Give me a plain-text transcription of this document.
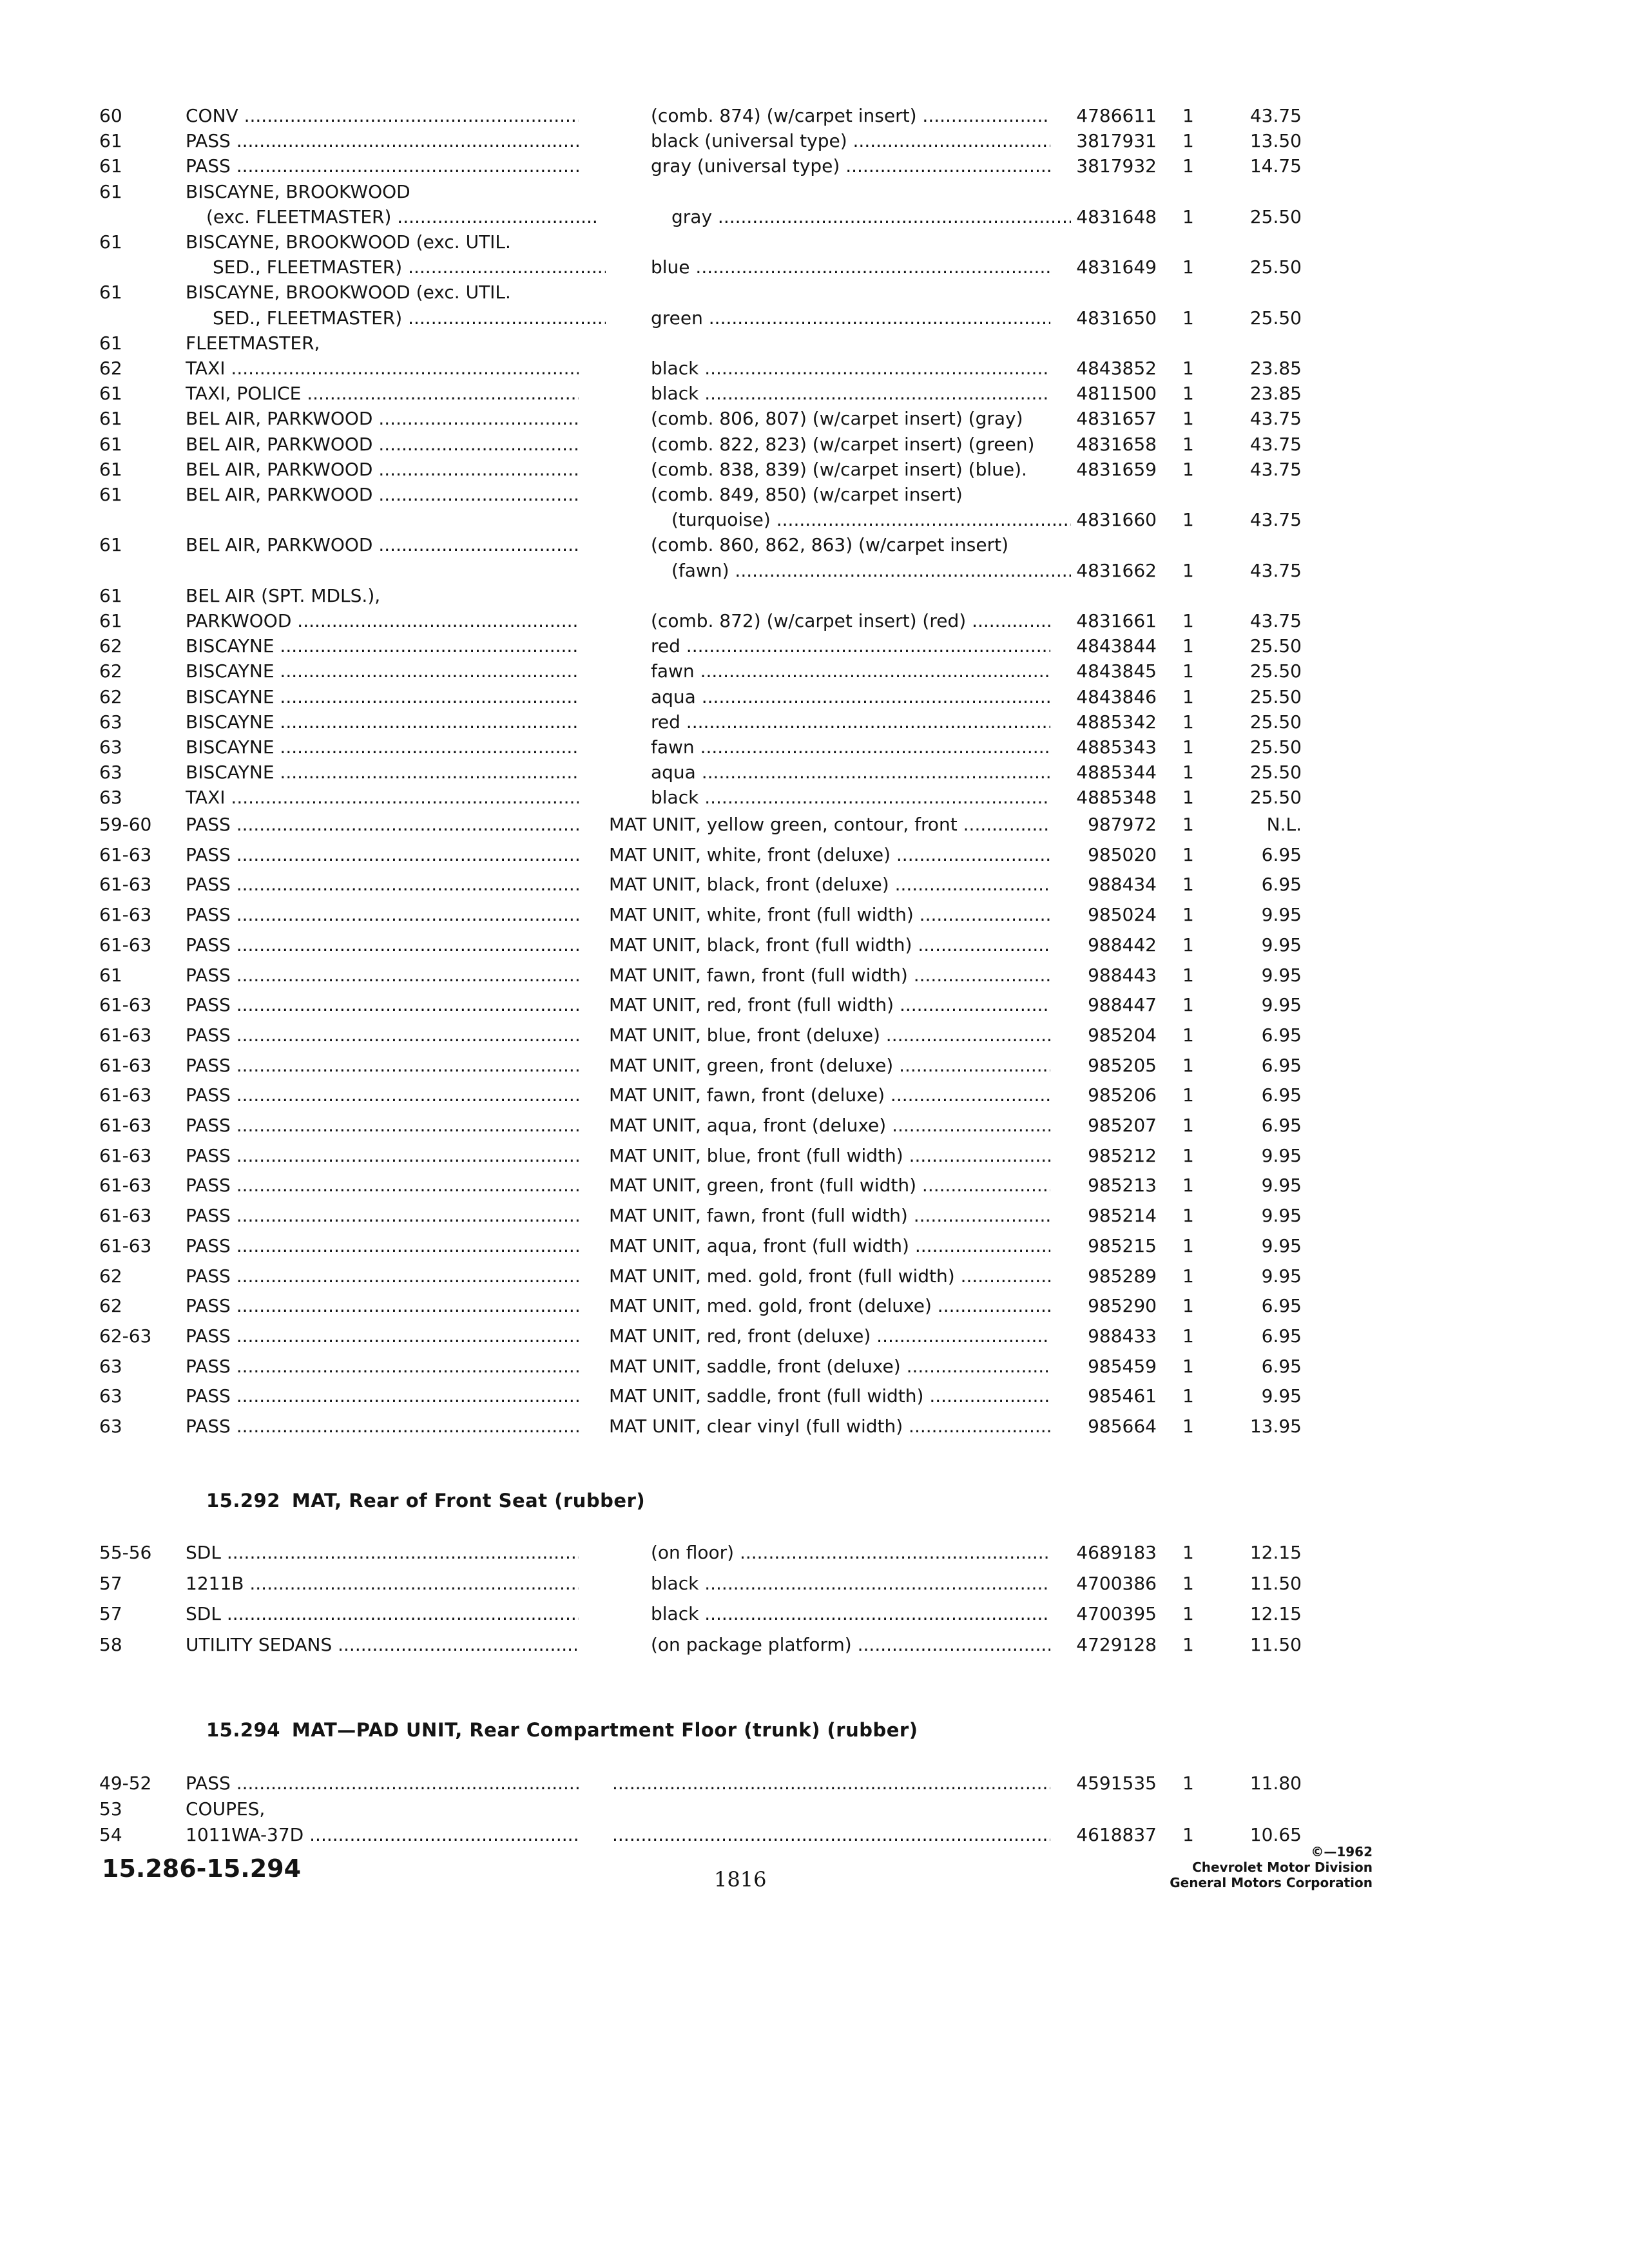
60	CONV .....	(comb. 874) (w/carpet insert) .....	4786611 1	43.75
61	PASS .....	black (universal type) .....	3817931 1	13.50
61	PASS .....	gray (universal type) .....	3817932 1	14.75
61	BISCAYNE, BROOKWOOD
(exc. FLEETMASTER) .....	gray .....	4831648 1	25.50
61	BISCAYNE, BROOKWOOD (exc. UTIL.
SED., FLEETMASTER) .....	blue .....	4831649 1	25.50
61	BISCAYNE, BROOKWOOD (exc. UTIL.
SED., FLEETMASTER) .....	green .....	4831650 1	25.50
61	FLEETMASTER,
62	TAXI .....	black .....	4843852 1	23.85
61	TAXI, POLICE .....	black .....	4811500 1	23.85
61	BEL AIR, PARKWOOD .....	(comb. 806, 807) (w/carpet insert) (gray)	4831657 1	43.75
61	BEL AIR, PARKWOOD .....	(comb. 822, 823) (w/carpet insert) (green)	4831658 1	43.75
61	BEL AIR, PARKWOOD .....	(comb. 838, 839) (w/carpet insert) (blue).	4831659 1	43.75
61	BEL AIR, PARKWOOD .....	(comb. 849, 850) (w/carpet insert)
(turquoise) .....	4831660 1	43.75
61	BEL AIR, PARKWOOD .....	(comb. 860, 862, 863) (w/carpet insert)
(fawn) .....	4831662 1	43.75
61	BEL AIR (SPT. MDLS.),
61	PARKWOOD .....	(comb. 872) (w/carpet insert) (red) .....	4831661 1	43.75
62	BISCAYNE .....	red .....	4843844 1	25.50
62	BISCAYNE .....	fawn .....	4843845 1	25.50
62	BISCAYNE .....	aqua .....	4843846 1	25.50
63	BISCAYNE .....	red .....	4885342 1	25.50
63	BISCAYNE .....	fawn .....	4885343 1	25.50
63	BISCAYNE .....	aqua .....	4885344 1	25.50
63	TAXI .....	black .....	4885348 1	25.50
59-60	PASS .....	MAT UNIT, yellow green, contour, front .....	987972 1	N.L.
61-63	PASS .....	MAT UNIT, white, front (deluxe) .....	985020 1	6.95
61-63	PASS .....	MAT UNIT, black, front (deluxe) .....	988434 1	6.95
61-63	PASS .....	MAT UNIT, white, front (full width) .....	985024 1	9.95
61-63	PASS .....	MAT UNIT, black, front (full width) .....	988442 1	9.95
61	PASS .....	MAT UNIT, fawn, front (full width) .....	988443 1	9.95
61-63	PASS .....	MAT UNIT, red, front (full width) .....	988447 1	9.95
61-63	PASS .....	MAT UNIT, blue, front (deluxe) .....	985204 1	6.95
61-63	PASS .....	MAT UNIT, green, front (deluxe) .....	985205 1	6.95
61-63	PASS .....	MAT UNIT, fawn, front (deluxe) .....	985206 1	6.95
61-63	PASS .....	MAT UNIT, aqua, front (deluxe) .....	985207 1	6.95
61-63	PASS .....	MAT UNIT, blue, front (full width) .....	985212 1	9.95
61-63	PASS .....	MAT UNIT, green, front (full width) .....	985213 1	9.95
61-63	PASS .....	MAT UNIT, fawn, front (full width) .....	985214 1	9.95
61-63	PASS .....	MAT UNIT, aqua, front (full width) .....	985215 1	9.95
62	PASS .....	MAT UNIT, med. gold, front (full width) .....	985289 1	9.95
62	PASS .....	MAT UNIT, med. gold, front (deluxe) .....	985290 1	6.95
62-63	PASS .....	MAT UNIT, red, front (deluxe) .....	988433 1	6.95
63	PASS .....	MAT UNIT, saddle, front (deluxe) .....	985459 1	6.95
63	PASS .....	MAT UNIT, saddle, front (full width) .....	985461 1	9.95
63	PASS .....	MAT UNIT, clear vinyl (full width) .....	985664 1	13.95
15.292 MAT, Rear of Front Seat (rubber)
55-56	SDL .....	(on floor) .....	4689183 1	12.15
57	1211B .....	black .....	4700386 1	11.50
57	SDL .....	black .....	4700395 1	12.15
58	UTILITY SEDANS .....	(on package platform) .....	4729128 1	11.50
15.294 MAT—PAD UNIT, Rear Compartment Floor (trunk) (rubber)
49-52	PASS ..... .....	4591535 1	11.80
53	COUPES,
54	1011WA-37D ..... .....	4618837 1	10.65
15.286-15.294	1816
©—1962
Chevrolet Motor Division
General Motors Corporation
